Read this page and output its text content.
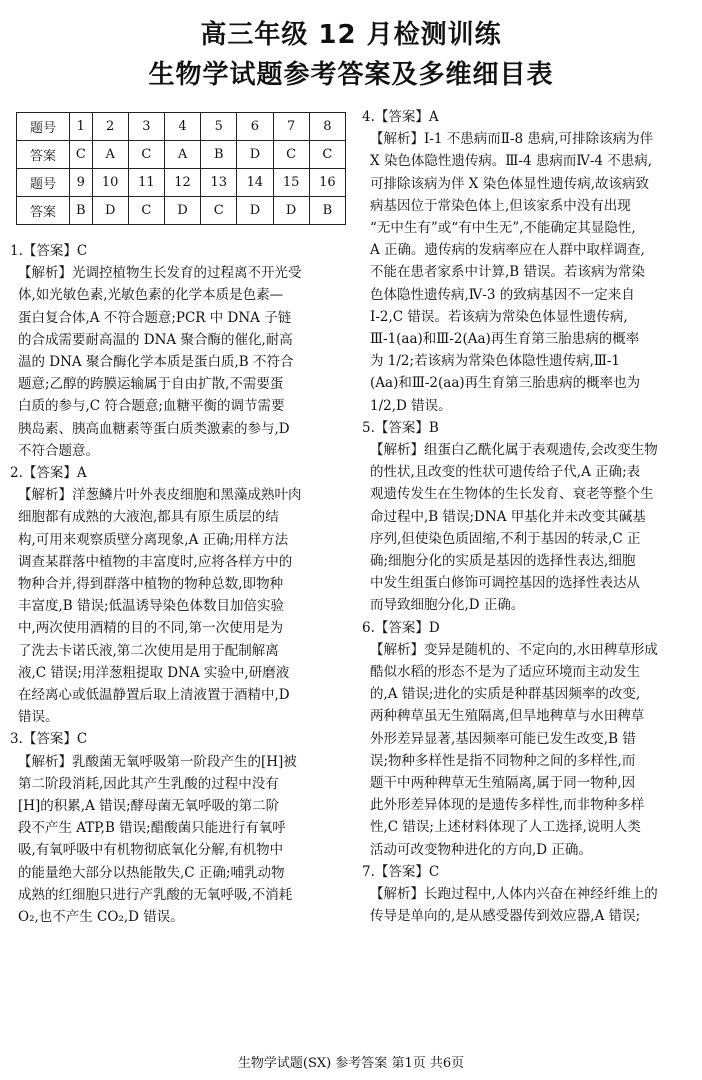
高三年级 12 月检测训练
生物学试题参考答案及多维细目表
题号	1	2	3	4	5	6	7	8
答案	C	A	C	A	B	D	C	C
题号	9	10	11	12	13	14	15	16
答案	B	D	C	D	C	D	D	B
1.【答案】C
【解析】光调控植物生长发育的过程离不开光受
体,如光敏色素,光敏色素的化学本质是色素—
蛋白复合体,A 不符合题意;PCR 中 DNA 子链
的合成需要耐高温的 DNA 聚合酶的催化,耐高
温的 DNA 聚合酶化学本质是蛋白质,B 不符合
题意;乙醇的跨膜运输属于自由扩散,不需要蛋
白质的参与,C 符合题意;血糖平衡的调节需要
胰岛素、胰高血糖素等蛋白质类激素的参与,D
不符合题意。
2.【答案】A
【解析】洋葱鳞片叶外表皮细胞和黑藻成熟叶肉
细胞都有成熟的大液泡,都具有原生质层的结
构,可用来观察质壁分离现象,A 正确;用样方法
调查某群落中植物的丰富度时,应将各样方中的
物种合并,得到群落中植物的物种总数,即物种
丰富度,B 错误;低温诱导染色体数目加倍实验
中,两次使用酒精的目的不同,第一次使用是为
了洗去卡诺氏液,第二次使用是用于配制解离
液,C 错误;用洋葱粗提取 DNA 实验中,研磨液
在经离心或低温静置后取上清液置于酒精中,D
错误。
3.【答案】C
【解析】乳酸菌无氧呼吸第一阶段产生的[H]被
第二阶段消耗,因此其产生乳酸的过程中没有
[H]的积累,A 错误;酵母菌无氧呼吸的第二阶
段不产生 ATP,B 错误;醋酸菌只能进行有氧呼
吸,有氧呼吸中有机物彻底氧化分解,有机物中
的能量绝大部分以热能散失,C 正确;哺乳动物
成熟的红细胞只进行产乳酸的无氧呼吸,不消耗
O₂,也不产生 CO₂,D 错误。
4.【答案】A
【解析】Ⅰ-1 不患病而Ⅱ-8 患病,可排除该病为伴
X 染色体隐性遗传病。Ⅲ-4 患病而Ⅳ-4 不患病,
可排除该病为伴 X 染色体显性遗传病,故该病致
病基因位于常染色体上,但该家系中没有出现
“无中生有”或“有中生无”,不能确定其显隐性,
A 正确。遗传病的发病率应在人群中取样调查,
不能在患者家系中计算,B 错误。若该病为常染
色体隐性遗传病,Ⅳ-3 的致病基因不一定来自
Ⅰ-2,C 错误。若该病为常染色体显性遗传病,
Ⅲ-1(aa)和Ⅲ-2(Aa)再生育第三胎患病的概率
为 1/2;若该病为常染色体隐性遗传病,Ⅲ-1
(Aa)和Ⅲ-2(aa)再生育第三胎患病的概率也为
1/2,D 错误。
5.【答案】B
【解析】组蛋白乙酰化属于表观遗传,会改变生物
的性状,且改变的性状可遗传给子代,A 正确;表
观遗传发生在生物体的生长发育、衰老等整个生
命过程中,B 错误;DNA 甲基化并未改变其碱基
序列,但使染色质固缩,不利于基因的转录,C 正
确;细胞分化的实质是基因的选择性表达,细胞
中发生组蛋白修饰可调控基因的选择性表达从
而导致细胞分化,D 正确。
6.【答案】D
【解析】变异是随机的、不定向的,水田稗草形成
酷似水稻的形态不是为了适应环境而主动发生
的,A 错误;进化的实质是种群基因频率的改变,
两种稗草虽无生殖隔离,但旱地稗草与水田稗草
外形差异显著,基因频率可能已发生改变,B 错
误;物种多样性是指不同物种之间的多样性,而
题干中两种稗草无生殖隔离,属于同一物种,因
此外形差异体现的是遗传多样性,而非物种多样
性,C 错误;上述材料体现了人工选择,说明人类
活动可改变物种进化的方向,D 正确。
7.【答案】C
【解析】长跑过程中,人体内兴奋在神经纤维上的
传导是单向的,是从感受器传到效应器,A 错误;
生物学试题(SX) 参考答案 第1页 共6页
